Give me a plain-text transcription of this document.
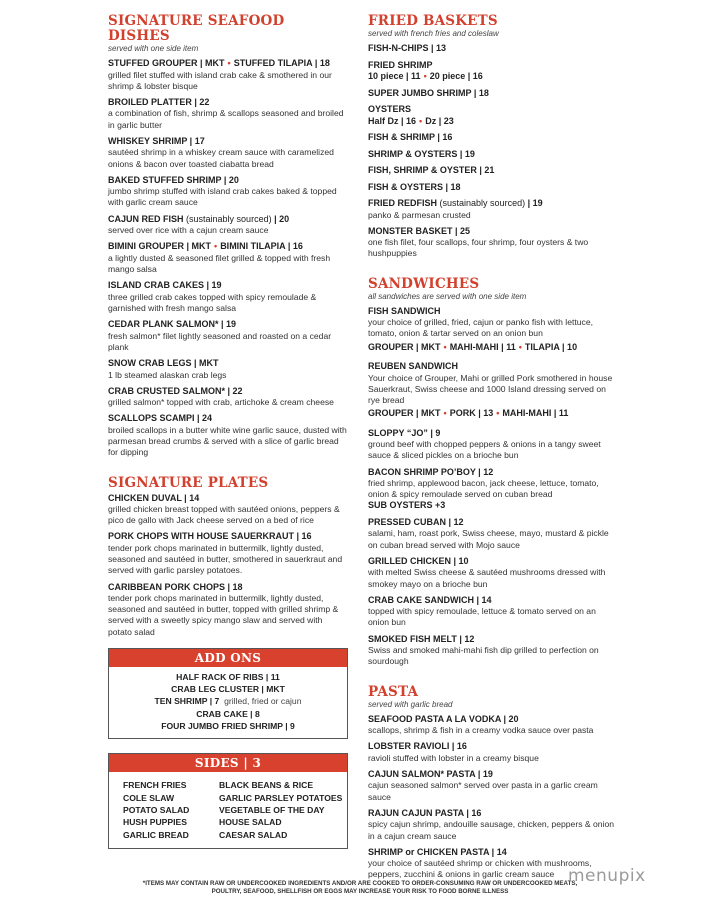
SIGNATURE SEAFOOD DISHES

served with one side item

STUFFED GROUPER | MKT • STUFFED TILAPIA | 18
grilled filet stuffed with island crab cake & smothered in our shrimp & lobster bisque
BROILED PLATTER | 22
a combination of fish, shrimp & scallops seasoned and broiled in garlic butter
WHISKEY SHRIMP | 17
sautéed shrimp in a whiskey cream sauce with caramelized onions & bacon over toasted ciabatta bread
BAKED STUFFED SHRIMP | 20
jumbo shrimp stuffed with island crab cakes baked & topped with garlic cream sauce
CAJUN RED FISH (sustainably sourced) | 20
served over rice with a cajun cream sauce
BIMINI GROUPER | MKT • BIMINI TILAPIA | 16
a lightly dusted & seasoned filet grilled & topped with fresh mango salsa
ISLAND CRAB CAKES | 19
three grilled crab cakes topped with spicy remoulade & garnished with fresh mango salsa
CEDAR PLANK SALMON* | 19
fresh salmon* filet lightly seasoned and roasted on a cedar plank
SNOW CRAB LEGS | MKT
1 lb steamed alaskan crab legs
CRAB CRUSTED SALMON* | 22
grilled salmon* topped with crab, artichoke & cream cheese
SCALLOPS SCAMPI | 24
broiled scallops in a butter white wine garlic sauce, dusted with parmesan bread crumbs & served with a slice of garlic bread for dipping
SIGNATURE PLATES
CHICKEN DUVAL | 14
grilled chicken breast topped with sautéed onions, peppers & pico de gallo with Jack cheese served on a bed of rice
PORK CHOPS WITH HOUSE SAUERKRAUT | 16
tender pork chops marinated in buttermilk, lightly dusted, seasoned and sautéed in butter, smothered in sauerkraut and served with garlic parsley potatoes.
CARIBBEAN PORK CHOPS | 18
tender pork chops marinated in buttermilk, lightly dusted, seasoned and sautéed in butter, topped with grilled shrimp & served with a sweetly spicy mango slaw and served with potato salad
ADD ONS
HALF RACK OF RIBS | 11
CRAB LEG CLUSTER | MKT
TEN SHRIMP | 7 grilled, fried or cajun
CRAB CAKE | 8
FOUR JUMBO FRIED SHRIMP | 9
SIDES | 3
FRENCH FRIES	BLACK BEANS & RICE
COLE SLAW	GARLIC PARSLEY POTATOES
POTATO SALAD	VEGETABLE OF THE DAY
HUSH PUPPIES	HOUSE SALAD
GARLIC BREAD	CAESAR SALAD
FRIED BASKETS

served with french fries and coleslaw

FISH-N-CHIPS | 13
FRIED SHRIMP
10 piece | 11 • 20 piece | 16
SUPER JUMBO SHRIMP | 18
OYSTERS
Half Dz | 16 • Dz | 23
FISH & SHRIMP | 16
SHRIMP & OYSTERS | 19
FISH, SHRIMP & OYSTER | 21
FISH & OYSTERS | 18
FRIED REDFISH (sustainably sourced) | 19
panko & parmesan crusted
MONSTER BASKET | 25
one fish filet, four scallops, four shrimp, four oysters & two hushpuppies
SANDWICHES

all sandwiches are served with one side item

FISH SANDWICH
your choice of grilled, fried, cajun or panko fish with lettuce, tomato, onion & tartar served on an onion bun
GROUPER | MKT • MAHI-MAHI | 11 • TILAPIA | 10
REUBEN SANDWICH
Your choice of Grouper, Mahi or grilled Pork smothered in house Sauerkraut, Swiss cheese and 1000 Island dressing served on rye bread
GROUPER | MKT • PORK | 13 • MAHI-MAHI | 11
SLOPPY “JO” | 9
ground beef with chopped peppers & onions in a tangy sweet sauce & sliced pickles on a brioche bun
BACON SHRIMP PO’BOY | 12
fried shrimp, applewood bacon, jack cheese, lettuce, tomato, onion & spicy remoulade served on cuban bread
SUB OYSTERS +3
PRESSED CUBAN | 12
salami, ham, roast pork, Swiss cheese, mayo, mustard & pickle on cuban bread served with Mojo sauce
GRILLED CHICKEN | 10
with melted Swiss cheese & sautéed mushrooms dressed with smokey mayo on a brioche bun
CRAB CAKE SANDWICH | 14
topped with spicy remoulade, lettuce & tomato served on an onion bun
SMOKED FISH MELT | 12
Swiss and smoked mahi-mahi fish dip grilled to perfection on sourdough
PASTA

served with garlic bread

SEAFOOD PASTA A LA VODKA | 20
scallops, shrimp & fish in a creamy vodka sauce over pasta
LOBSTER RAVIOLI | 16
ravioli stuffed with lobster in a creamy bisque
CAJUN SALMON* PASTA | 19
cajun seasoned salmon* served over pasta in a garlic cream sauce
RAJUN CAJUN PASTA | 16
spicy cajun shrimp, andouille sausage, chicken, peppers & onion in a cajun cream sauce
SHRIMP or CHICKEN PASTA | 14
your choice of sautéed shrimp or chicken with mushrooms, peppers, zucchini & onions in garlic cream sauce
*ITEMS MAY CONTAIN RAW OR UNDERCOOKED INGREDIENTS AND/OR ARE COOKED TO ORDER-CONSUMING RAW OR UNDERCOOKED MEATS, POULTRY, SEAFOOD, SHELLFISH OR EGGS MAY INCREASE YOUR RISK TO FOOD BORNE ILLNESS
menupix
